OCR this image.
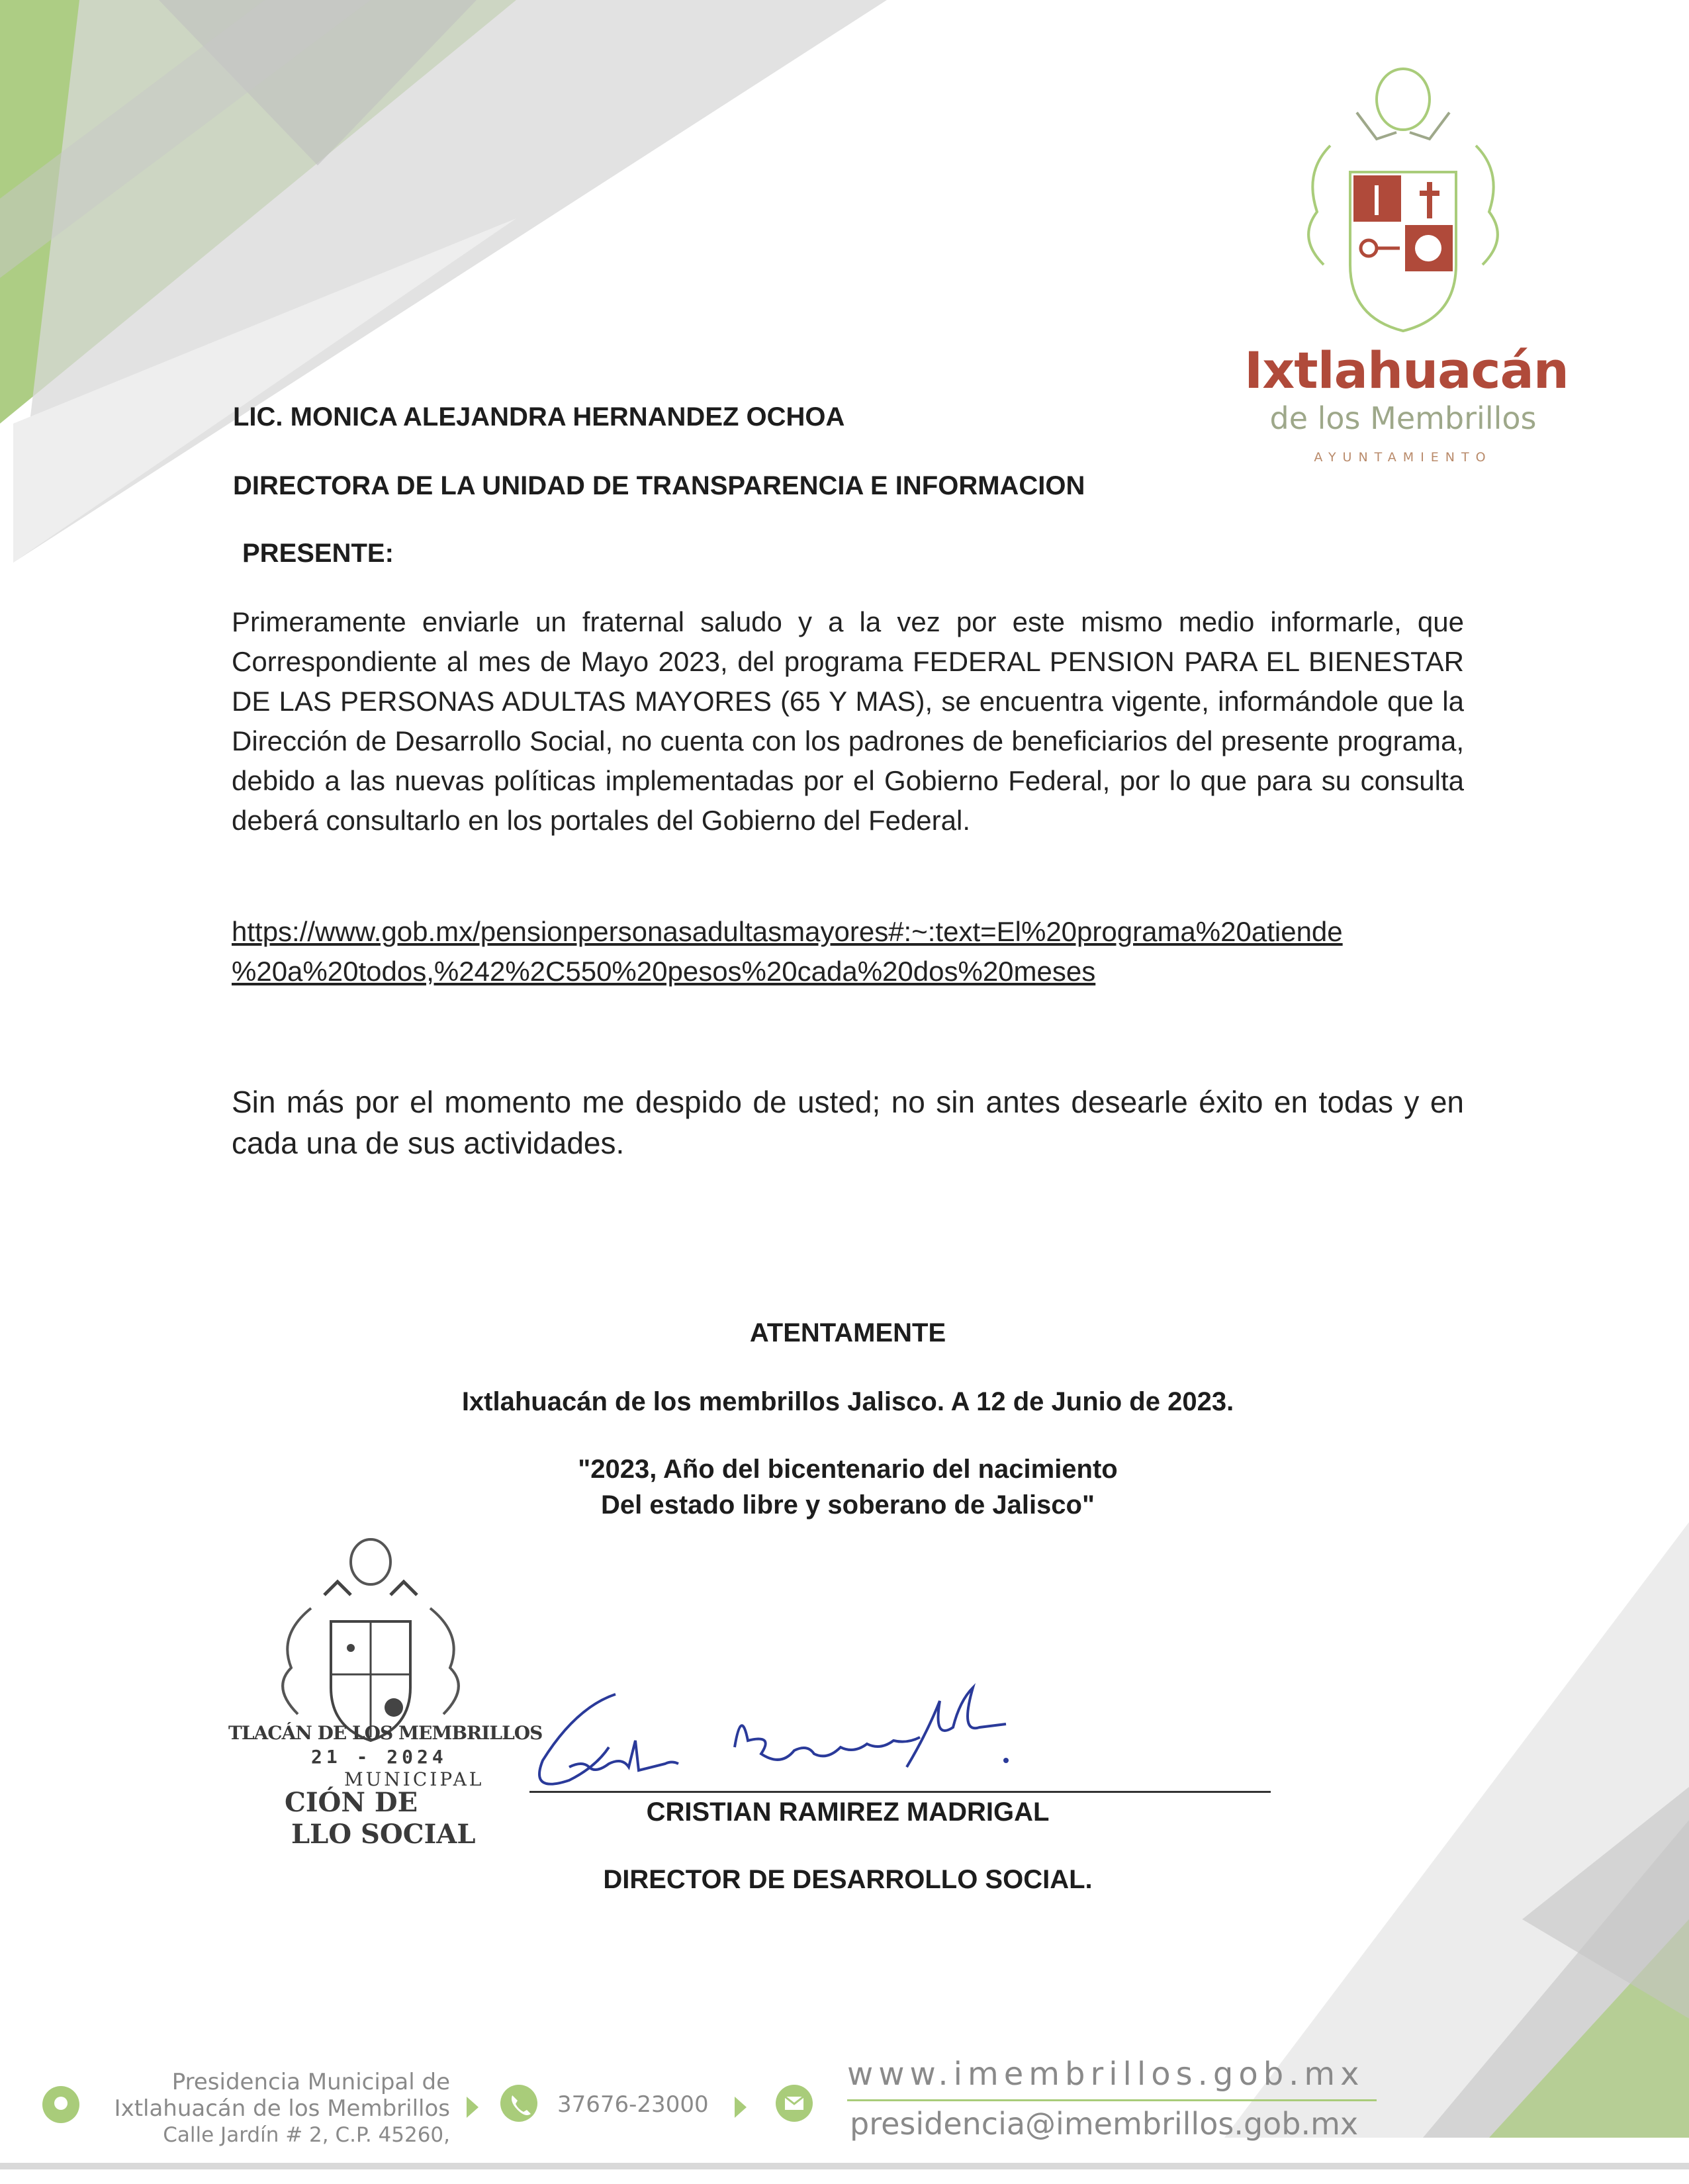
Ixtlahuacán
de los Membrillos
AYUNTAMIENTO
LIC. MONICA ALEJANDRA HERNANDEZ OCHOA
DIRECTORA DE LA UNIDAD DE TRANSPARENCIA E INFORMACION
PRESENTE:
Primeramente enviarle un fraternal saludo y a la vez por este mismo medio informarle, que Correspondiente al mes de Mayo 2023, del programa FEDERAL PENSION PARA EL BIENESTAR DE LAS PERSONAS ADULTAS MAYORES (65 Y MAS), se encuentra vigente, informándole que la Dirección de Desarrollo Social, no cuenta con los padrones de beneficiarios del presente programa, debido a las nuevas políticas implementadas por el Gobierno Federal, por lo que para su consulta deberá consultarlo en los portales del Gobierno del Federal.
https://www.gob.mx/pensionpersonasadultasmayores#:~:text=El%20programa%20atiende
%20a%20todos,%242%2C550%20pesos%20cada%20dos%20meses
Sin más por el momento me despido de usted; no sin antes desearle éxito en todas y en cada una de sus actividades.
ATENTAMENTE
Ixtlahuacán de los membrillos Jalisco. A 12 de Junio de 2023.
"2023, Año del bicentenario del nacimiento
Del estado libre y soberano de Jalisco"
TLACÁN DE LOS MEMBRILLOS
21 - 2024
MUNICIPAL
CIÓN DE
LLO SOCIAL
CRISTIAN RAMIREZ MADRIGAL
DIRECTOR DE DESARROLLO SOCIAL.
Presidencia Municipal de
Ixtlahuacán de los Membrillos
Calle Jardín # 2, C.P. 45260,
37676-23000
www.imembrillos.gob.mx
presidencia@imembrillos.gob.mx
